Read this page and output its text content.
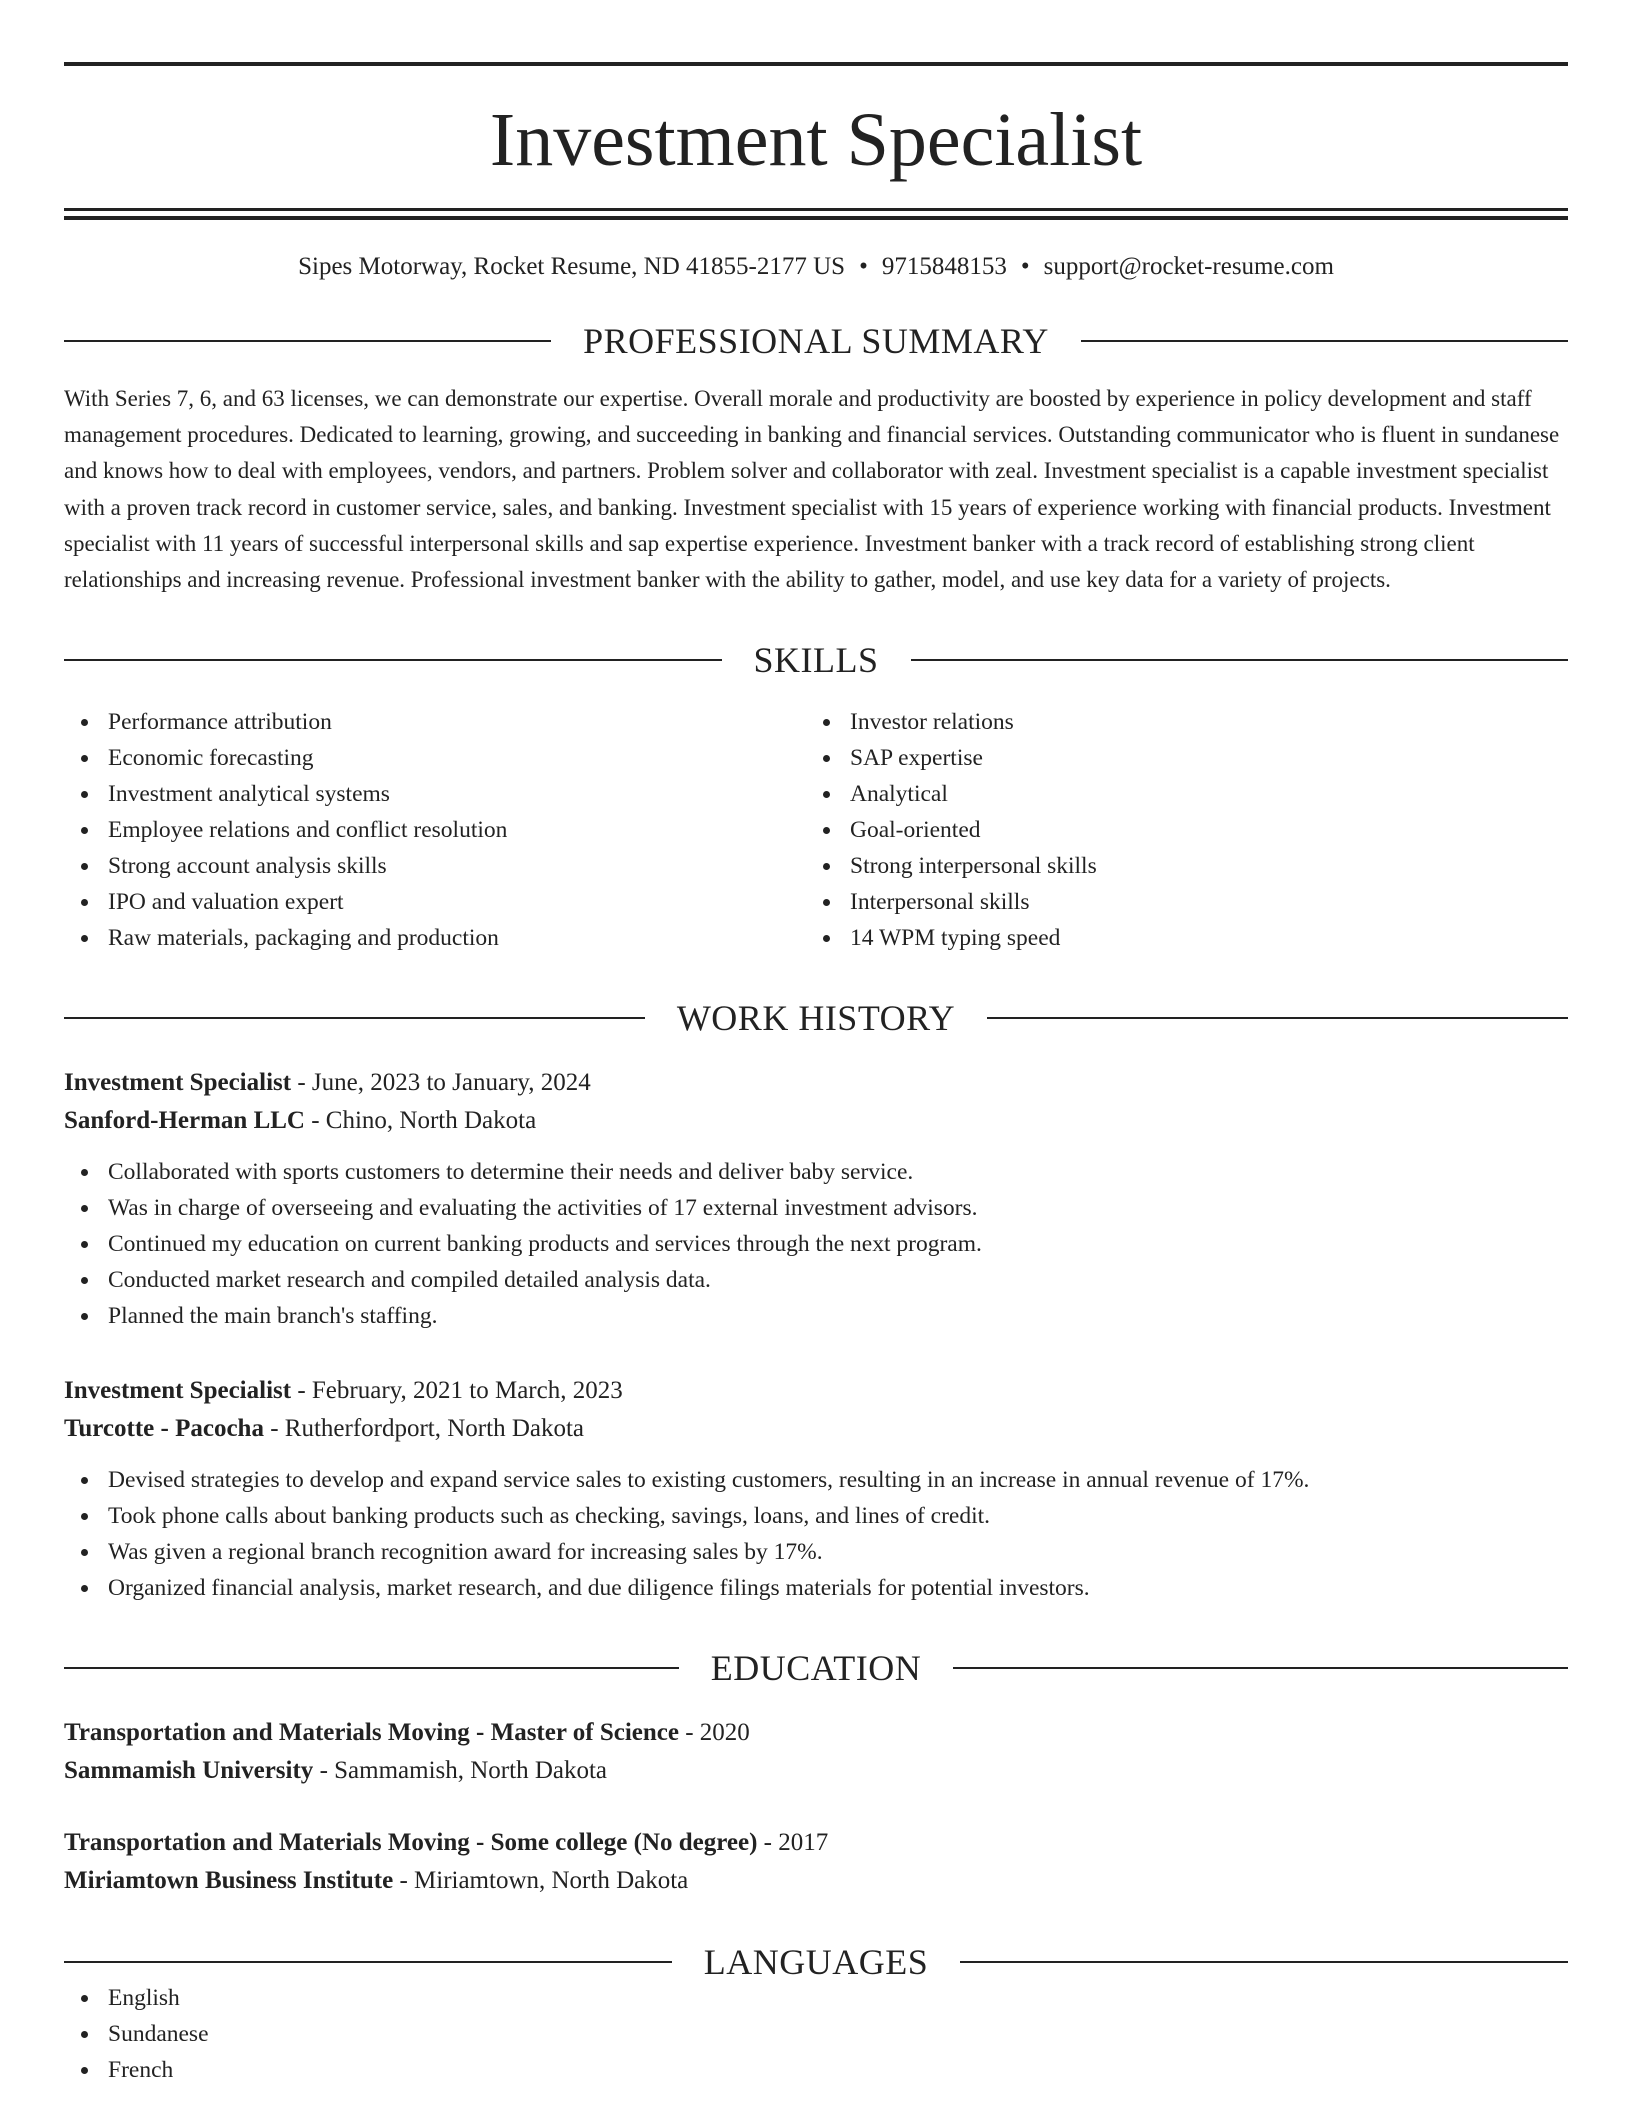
Investment Specialist
Sipes Motorway, Rocket Resume, ND 41855-2177 US • 9715848153 • support@rocket-resume.com
PROFESSIONAL SUMMARY
With Series 7, 6, and 63 licenses, we can demonstrate our expertise. Overall morale and productivity are boosted by experience in policy development and staff management procedures. Dedicated to learning, growing, and succeeding in banking and financial services. Outstanding communicator who is fluent in sundanese and knows how to deal with employees, vendors, and partners. Problem solver and collaborator with zeal. Investment specialist is a capable investment specialist with a proven track record in customer service, sales, and banking. Investment specialist with 15 years of experience working with financial products. Investment specialist with 11 years of successful interpersonal skills and sap expertise experience. Investment banker with a track record of establishing strong client relationships and increasing revenue. Professional investment banker with the ability to gather, model, and use key data for a variety of projects.
SKILLS
Performance attribution
Economic forecasting
Investment analytical systems
Employee relations and conflict resolution
Strong account analysis skills
IPO and valuation expert
Raw materials, packaging and production
Investor relations
SAP expertise
Analytical
Goal-oriented
Strong interpersonal skills
Interpersonal skills
14 WPM typing speed
WORK HISTORY
Investment Specialist - June, 2023 to January, 2024
Sanford-Herman LLC - Chino, North Dakota
Collaborated with sports customers to determine their needs and deliver baby service.
Was in charge of overseeing and evaluating the activities of 17 external investment advisors.
Continued my education on current banking products and services through the next program.
Conducted market research and compiled detailed analysis data.
Planned the main branch's staffing.
Investment Specialist - February, 2021 to March, 2023
Turcotte - Pacocha - Rutherfordport, North Dakota
Devised strategies to develop and expand service sales to existing customers, resulting in an increase in annual revenue of 17%.
Took phone calls about banking products such as checking, savings, loans, and lines of credit.
Was given a regional branch recognition award for increasing sales by 17%.
Organized financial analysis, market research, and due diligence filings materials for potential investors.
EDUCATION
Transportation and Materials Moving - Master of Science - 2020
Sammamish University - Sammamish, North Dakota
Transportation and Materials Moving - Some college (No degree) - 2017
Miriamtown Business Institute - Miriamtown, North Dakota
LANGUAGES
English
Sundanese
French
